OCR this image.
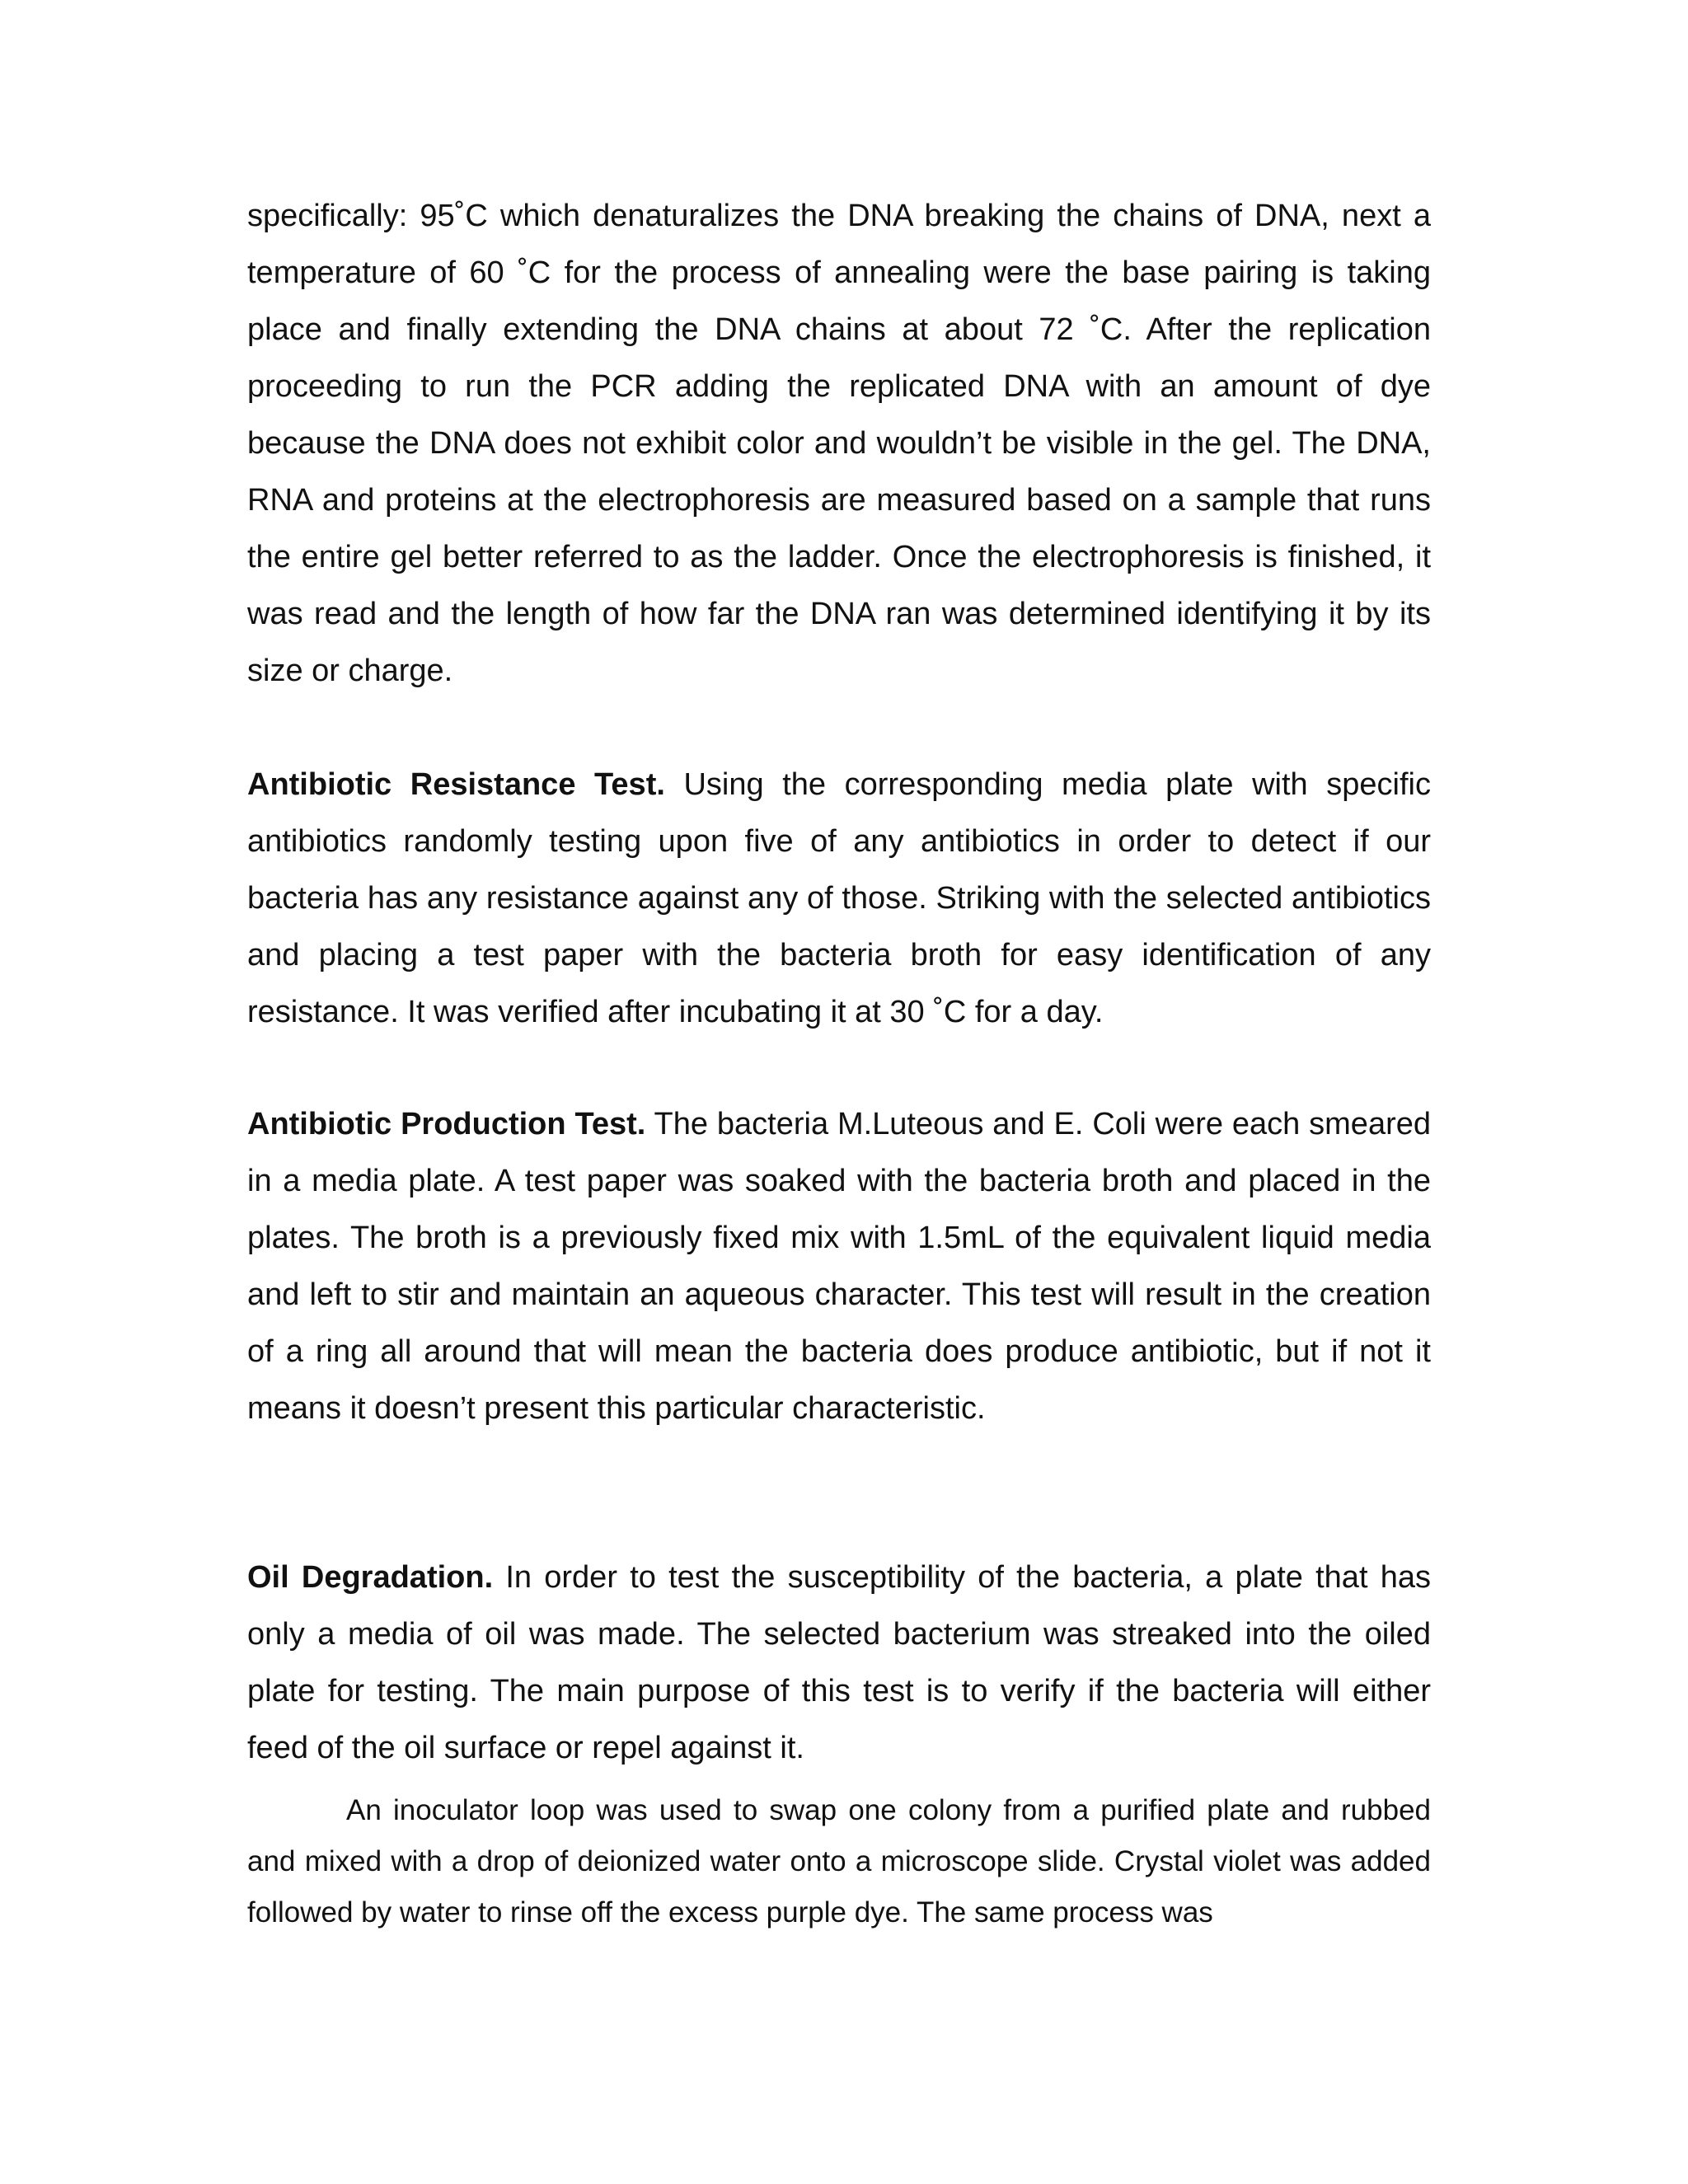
specifically: 95˚C which denaturalizes the DNA breaking the chains of DNA, next a temperature of 60 ˚C for the process of annealing were the base pairing is taking place and finally extending the DNA chains at about 72 ˚C. After the replication proceeding to run the PCR adding the replicated DNA with an amount of dye because the DNA does not exhibit color and wouldn’t be visible in the gel. The DNA, RNA and proteins at the electrophoresis are measured based on a sample that runs the entire gel better referred to as the ladder. Once the electrophoresis is finished, it was read and the length of how far the DNA ran was determined identifying it by its size or charge.

Antibiotic Resistance Test. Using the corresponding media plate with specific antibiotics randomly testing upon five of any antibiotics in order to detect if our bacteria has any resistance against any of those. Striking with the selected antibiotics and placing a test paper with the bacteria broth for easy identification of any resistance. It was verified after incubating it at 30 ˚C for a day.

Antibiotic Production Test. The bacteria M.Luteous and E. Coli were each smeared in a media plate. A test paper was soaked with the bacteria broth and placed in the plates. The broth is a previously fixed mix with 1.5mL of the equivalent liquid media and left to stir and maintain an aqueous character. This test will result in the creation of a ring all around that will mean the bacteria does produce antibiotic, but if not it means it doesn’t present this particular characteristic.

Oil Degradation. In order to test the susceptibility of the bacteria, a plate that has only a media of oil was made. The selected bacterium was streaked into the oiled plate for testing. The main purpose of this test is to verify if the bacteria will either feed of the oil surface or repel against it.

An inoculator loop was used to swap one colony from a purified plate and rubbed and mixed with a drop of deionized water onto a microscope slide. Crystal violet was added followed by water to rinse off the excess purple dye. The same process was
